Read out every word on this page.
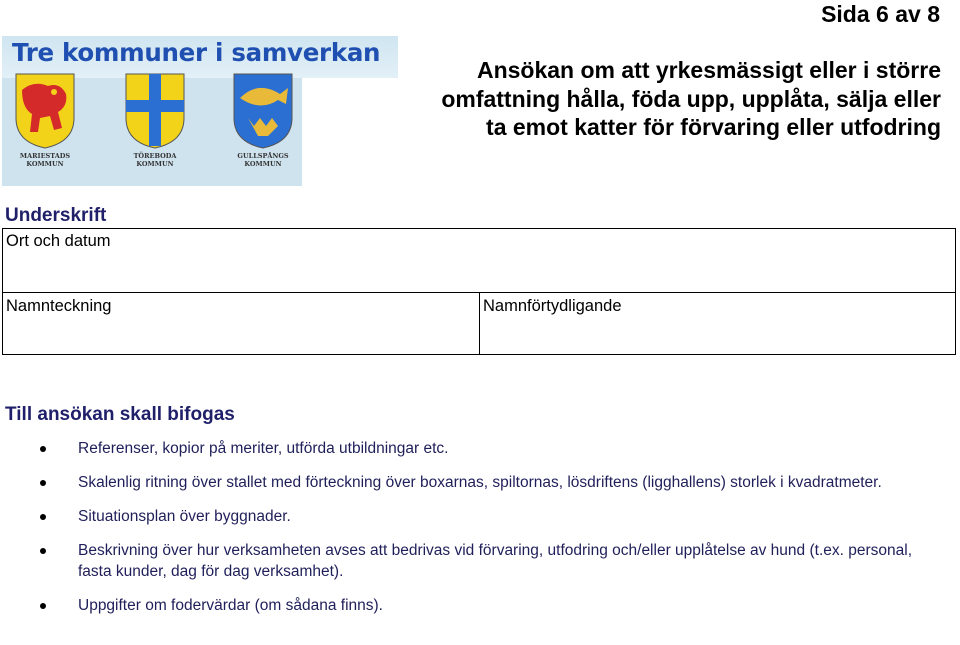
Sida 6 av 8
Tre kommuner i samverkan
MARIESTADS
KOMMUN
TÖREBODA
KOMMUN
GULLSPÅNGS
KOMMUN
Ansökan om att yrkesmässigt eller i större
omfattning hålla, föda upp, upplåta, sälja eller
ta emot katter för förvaring eller utfodring
Underskrift
Ort och datum
Namnteckning	Namnförtydligande
Till ansökan skall bifogas
Referenser, kopior på meriter, utförda utbildningar etc.
Skalenlig ritning över stallet med förteckning över boxarnas, spiltornas, lösdriftens (ligghallens) storlek i kvadratmeter.
Situationsplan över byggnader.
Beskrivning över hur verksamheten avses att bedrivas vid förvaring, utfodring och/eller upplåtelse av hund (t.ex. personal, fasta kunder, dag för dag verksamhet).
Uppgifter om fodervärdar (om sådana finns).
